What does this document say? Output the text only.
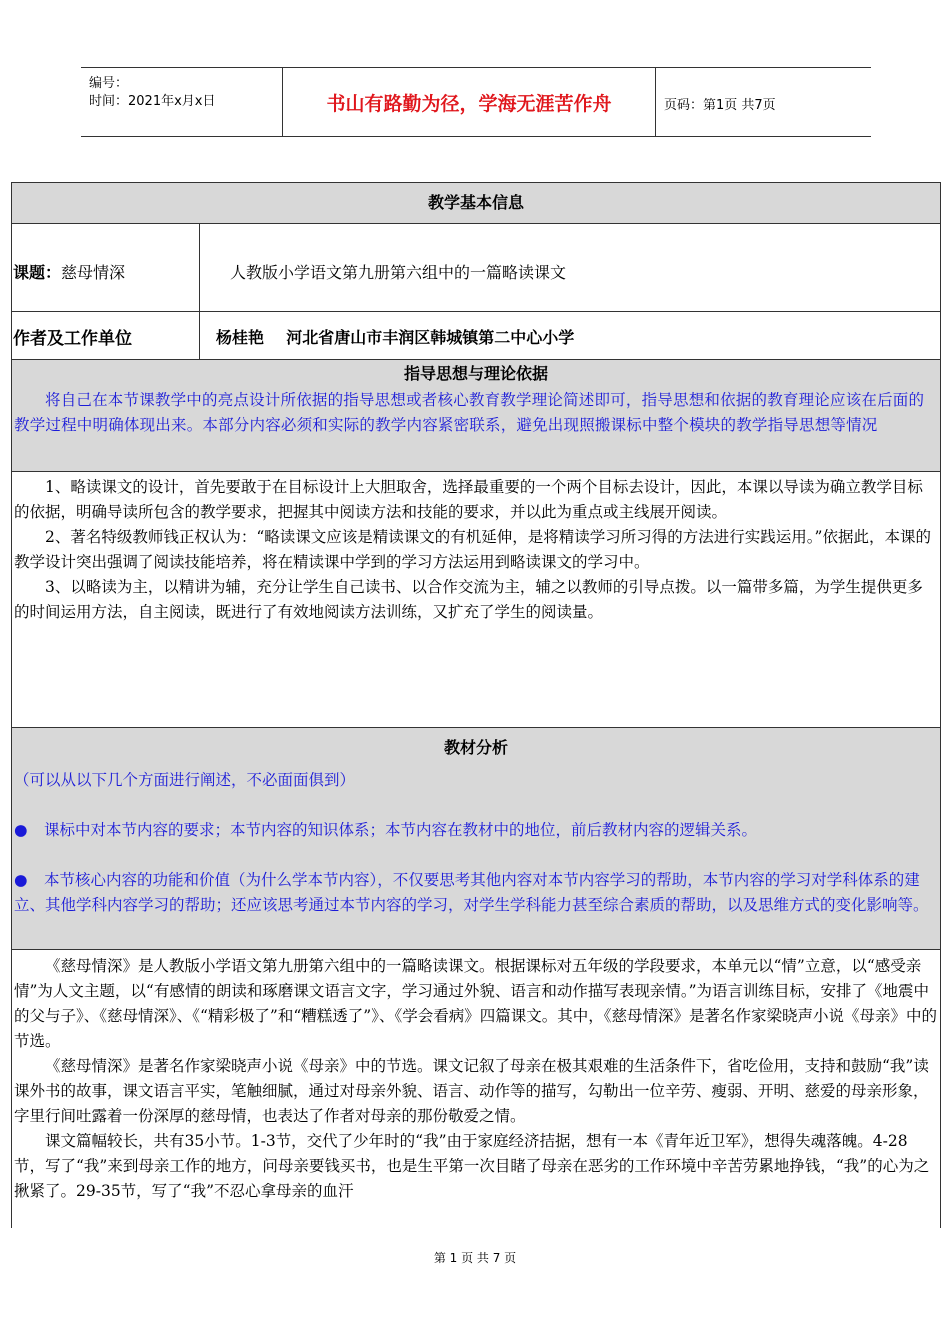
编号：
时间：2021年x月x日	书山有路勤为径，学海无涯苦作舟	页码：第1页 共7页
教学基本信息
课题：慈母情深	人教版小学语文第九册第六组中的一篇略读课文
作者及工作单位	杨桂艳    河北省唐山市丰润区韩城镇第二中心小学
指导思想与理论依据

将自己在本节课教学中的亮点设计所依据的指导思想或者核心教育教学理论简述即可，指导思想和依据的教育理论应该在后面的教学过程中明确体现出来。本部分内容必须和实际的教学内容紧密联系，避免出现照搬课标中整个模块的教学指导思想等情况

1、略读课文的设计，首先要敢于在目标设计上大胆取舍，选择最重要的一个两个目标去设计，因此，本课以导读为确立教学目标的依据，明确导读所包含的教学要求，把握其中阅读方法和技能的要求，并以此为重点或主线展开阅读。

2、著名特级教师钱正权认为：“略读课文应该是精读课文的有机延伸，是将精读学习所习得的方法进行实践运用。”依据此，本课的教学设计突出强调了阅读技能培养，将在精读课中学到的学习方法运用到略读课文的学习中。

3、以略读为主，以精讲为辅，充分让学生自己读书、以合作交流为主，辅之以教师的引导点拨。以一篇带多篇，为学生提供更多的时间运用方法，自主阅读，既进行了有效地阅读方法训练，又扩充了学生的阅读量。

教材分析

（可以从以下几个方面进行阐述，不必面面俱到）

● 课标中对本节内容的要求；本节内容的知识体系；本节内容在教材中的地位，前后教材内容的逻辑关系。

● 本节核心内容的功能和价值（为什么学本节内容），不仅要思考其他内容对本节内容学习的帮助，本节内容的学习对学科体系的建立、其他学科内容学习的帮助；还应该思考通过本节内容的学习，对学生学科能力甚至综合素质的帮助，以及思维方式的变化影响等。

《慈母情深》是人教版小学语文第九册第六组中的一篇略读课文。根据课标对五年级的学段要求，本单元以“情”立意，以“感受亲情”为人文主题，以“有感情的朗读和琢磨课文语言文字，学习通过外貌、语言和动作描写表现亲情。”为语言训练目标，安排了《地震中的父与子》、《慈母情深》、《“精彩极了”和“糟糕透了”》、《学会看病》四篇课文。其中，《慈母情深》是著名作家梁晓声小说《母亲》中的节选。

《慈母情深》是著名作家梁晓声小说《母亲》中的节选。课文记叙了母亲在极其艰难的生活条件下，省吃俭用，支持和鼓励“我”读课外书的故事，课文语言平实，笔触细腻，通过对母亲外貌、语言、动作等的描写，勾勒出一位辛劳、瘦弱、开明、慈爱的母亲形象，字里行间吐露着一份深厚的慈母情，也表达了作者对母亲的那份敬爱之情。

课文篇幅较长，共有35小节。1-3节，交代了少年时的“我”由于家庭经济拮据，想有一本《青年近卫军》，想得失魂落魄。4-28节，写了“我”来到母亲工作的地方，问母亲要钱买书，也是生平第一次目睹了母亲在恶劣的工作环境中辛苦劳累地挣钱，“我”的心为之揪紧了。29-35节，写了“我”不忍心拿母亲的血汗

第 1 页 共 7 页
